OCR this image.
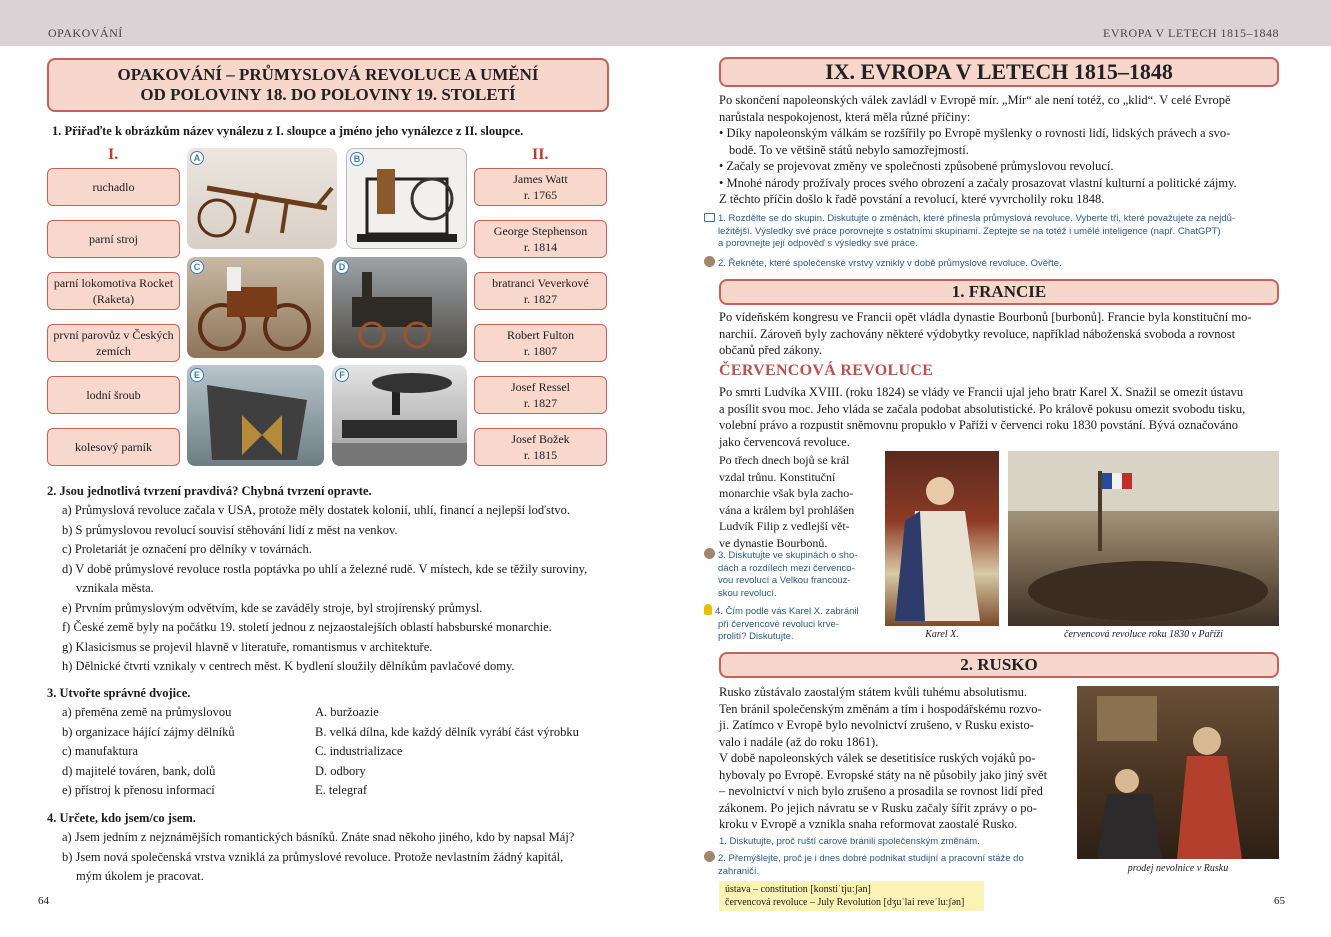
OPAKOVÁNÍ	EVROPA V LETECH 1815–1848
OPAKOVÁNÍ – PRŮMYSLOVÁ REVOLUCE A UMĚNÍ
OD POLOVINY 18. DO POLOVINY 19. STOLETÍ
1. Přiřaďte k obrázkům název vynálezu z I. sloupce a jméno jeho vynálezce z II. sloupce.
I.	II.
ruchadlo
parní stroj
parní lokomotiva Rocket (Raketa)
první parovůz v Českých zemích
lodní šroub
kolesový parník
A	B
C	D
E	F
James Watt
r. 1765
George Stephenson
r. 1814
bratranci Veverkové
r. 1827
Robert Fulton
r. 1807
Josef Ressel
r. 1827
Josef Božek
r. 1815
2. Jsou jednotlivá tvrzení pravdivá? Chybná tvrzení opravte.
a) Průmyslová revoluce začala v USA, protože měly dostatek kolonií, uhlí, financí a nejlepší loďstvo.
b) S průmyslovou revolucí souvisí stěhování lidí z měst na venkov.
c) Proletariát je označení pro dělníky v továrnách.
d) V době průmyslové revoluce rostla poptávka po uhlí a železné rudě. V místech, kde se těžily suroviny,
vznikala města.
e) Prvním průmyslovým odvětvím, kde se zaváděly stroje, byl strojírenský průmysl.
f) České země byly na počátku 19. století jednou z nejzaostalejších oblastí habsburské monarchie.
g) Klasicismus se projevil hlavně v literatuře, romantismus v architektuře.
h) Dělnické čtvrti vznikaly v centrech měst. K bydlení sloužily dělníkům pavlačové domy.
3. Utvořte správné dvojice.
a) přeměna země na průmyslovou
b) organizace hájící zájmy dělníků
c) manufaktura
d) majitelé továren, bank, dolů
e) přístroj k přenosu informací
A. buržoazie
B. velká dílna, kde každý dělník vyrábí část výrobku
C. industrializace
D. odbory
E. telegraf
4. Určete, kdo jsem/co jsem.
a) Jsem jedním z nejznámějších romantických básníků. Znáte snad někoho jiného, kdo by napsal Máj?
b) Jsem nová společenská vrstva vzniklá za průmyslové revoluce. Protože nevlastním žádný kapitál,
mým úkolem je pracovat.
64
IX. EVROPA V LETECH 1815–1848
Po skončení napoleonských válek zavládl v Evropě mír. „Mír“ ale není totéž, co „klid“. V celé Evropě
narůstala nespokojenost, která měla různé příčiny:
• Díky napoleonským válkám se rozšířily po Evropě myšlenky o rovnosti lidí, lidských právech a svo-
bodě. To ve většině států nebylo samozřejmostí.
• Začaly se projevovat změny ve společnosti způsobené průmyslovou revolucí.
• Mnohé národy prožívaly proces svého obrození a začaly prosazovat vlastní kulturní a politické zájmy.
Z těchto příčin došlo k řadě povstání a revolucí, které vyvrcholily roku 1848.
1. Rozdělte se do skupin. Diskutujte o změnách, které přinesla průmyslová revoluce. Vyberte tři, které považujete za nejdů-
ležitější. Výsledky své práce porovnejte s ostatními skupinami. Zeptejte se na totéž i umělé inteligence (např. ChatGPT)
a porovnejte její odpověď s výsledky své práce.
2. Řekněte, které společenské vrstvy vznikly v době průmyslové revoluce. Ověřte.
1. FRANCIE
Po vídeňském kongresu ve Francii opět vládla dynastie Bourbonů [burbonů]. Francie byla konstituční mo-
narchií. Zároveň byly zachovány některé výdobytky revoluce, například náboženská svoboda a rovnost
občanů před zákony.
ČERVENCOVÁ REVOLUCE
Po smrti Ludvíka XVIII. (roku 1824) se vlády ve Francii ujal jeho bratr Karel X. Snažil se omezit ústavu
a posílit svou moc. Jeho vláda se začala podobat absolutistické. Po králově pokusu omezit svobodu tisku,
volební právo a rozpustit sněmovnu propuklo v Paříži v červenci roku 1830 povstání. Bývá označováno
jako červencová revoluce.
Po třech dnech bojů se král
vzdal trůnu. Konstituční
monarchie však byla zacho-
vána a králem byl prohlášen
Ludvík Filip z vedlejší vět-
ve dynastie Bourbonů.
3. Diskutujte ve skupinách o sho-
dách a rozdílech mezi červenco-
vou revolucí a Velkou francouz-
skou revolucí.
4. Čím podle vás Karel X. zabránil
při červencové revoluci krve-
prolití? Diskutujte.	Karel X.	červencová revoluce roku 1830 v Paříži
2. RUSKO
Rusko zůstávalo zaostalým státem kvůli tuhému absolutismu.
Ten bránil společenským změnám a tím i hospodářskému rozvo-
ji. Zatímco v Evropě bylo nevolnictví zrušeno, v Rusku existo-
valo i nadále (až do roku 1861).
V době napoleonských válek se desetitisíce ruských vojáků po-
hybovaly po Evropě. Evropské státy na ně působily jako jiný svět
– nevolnictví v nich bylo zrušeno a prosadila se rovnost lidí před
zákonem. Po jejich návratu se v Rusku začaly šířit zprávy o po-
kroku v Evropě a vznikla snaha reformovat zaostalé Rusko.
1. Diskutujte, proč ruští carové bránili společenským změnám.
2. Přemýšlejte, proč je i dnes dobré podnikat studijní a pracovní stáže do
zahraničí.
ústava – constitution [konstiˈtjuːʃən]
červencová revoluce – July Revolution [dʒuˈlai reveˈluːʃən]
prodej nevolnice v Rusku
65
